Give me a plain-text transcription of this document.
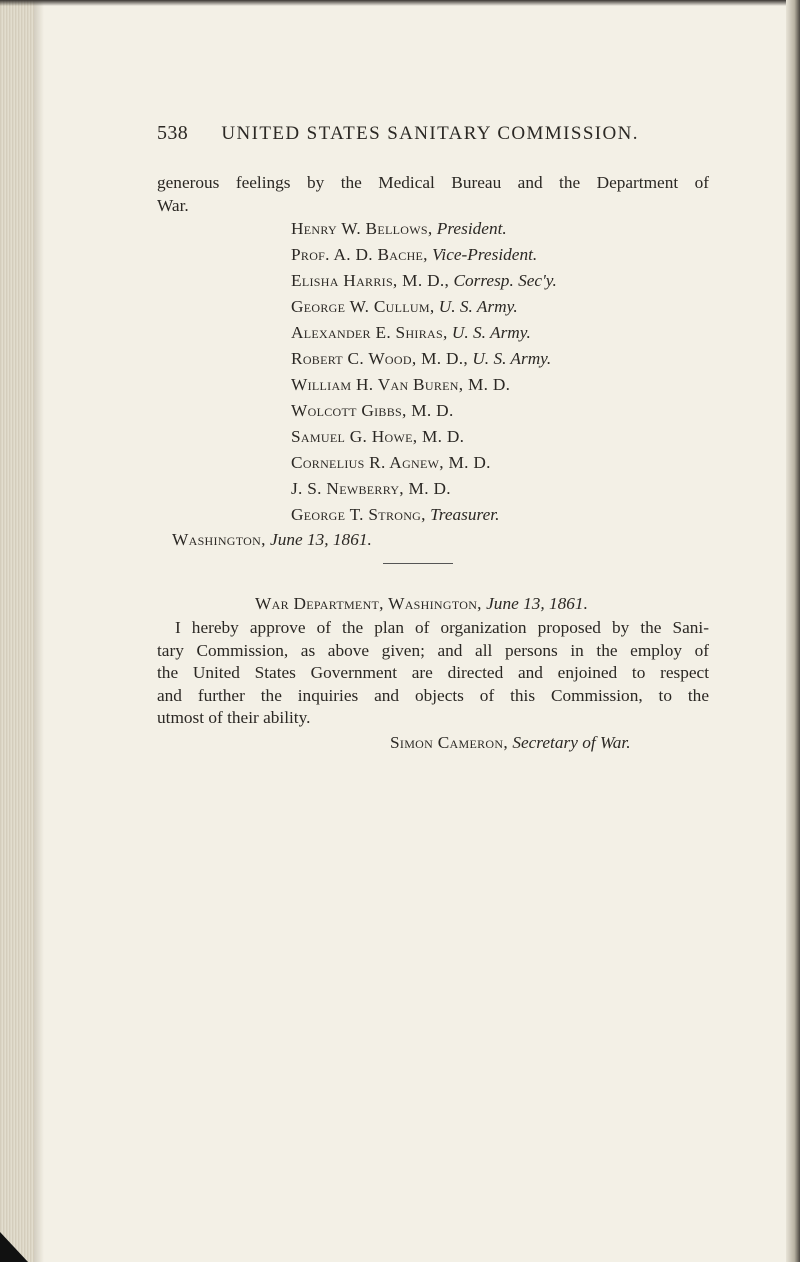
538 UNITED STATES SANITARY COMMISSION.
generous feelings by the Medical Bureau and the Department of
War.
Henry W. Bellows, President.
Prof. A. D. Bache, Vice-President.
Elisha Harris, M. D., Corresp. Sec'y.
George W. Cullum, U. S. Army.
Alexander E. Shiras, U. S. Army.
Robert C. Wood, M. D., U. S. Army.
William H. Van Buren, M. D.
Wolcott Gibbs, M. D.
Samuel G. Howe, M. D.
Cornelius R. Agnew, M. D.
J. S. Newberry, M. D.
George T. Strong, Treasurer.
Washington, June 13, 1861.
War Department, Washington, June 13, 1861.
I hereby approve of the plan of organization proposed by the Sani-
tary Commission, as above given; and all persons in the employ of
the United States Government are directed and enjoined to respect
and further the inquiries and objects of this Commission, to the
utmost of their ability.
Simon Cameron, Secretary of War.
